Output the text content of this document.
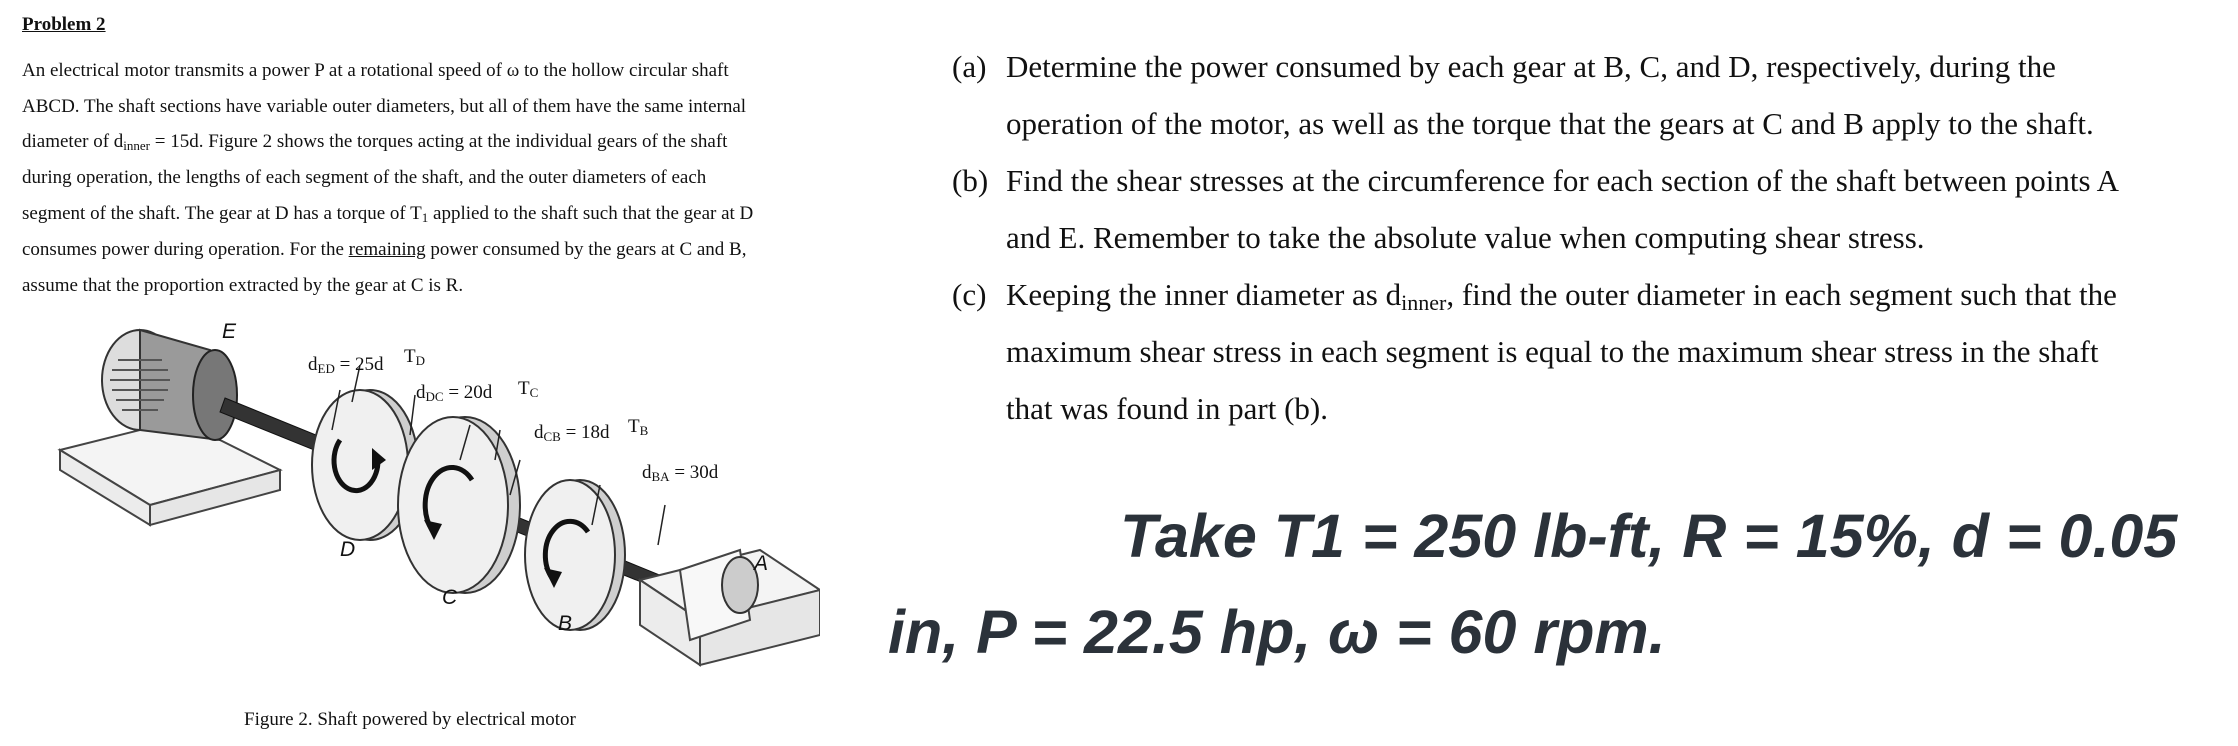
Problem 2

An electrical motor transmits a power P at a rotational speed of ω to the hollow circular shaft

ABCD. The shaft sections have variable outer diameters, but all of them have the same internal

diameter of $d_{inner} = 15d$. Figure 2 shows the torques acting at the individual gears of the shaft

during operation, the lengths of each segment of the shaft, and the outer diameters of each

segment of the shaft. The gear at D has a torque of $T_1$ applied to the shaft such that the gear at D

consumes power during operation. For the remaining power consumed by the gears at C and B,

assume that the proportion extracted by the gear at C is R.

E
D
C
B
A
$d_{ED} = 25d$ $T_D$
$d_{DC} = 20d$ $T_C$
$d_{CB} = 18d$ $T_B$
$d_{BA} = 30d$
Figure 2. Shaft powered by electrical motor
(a) Determine the power consumed by each gear at B, C, and D, respectively, during the

operation of the motor, as well as the torque that the gears at C and B apply to the shaft.

(b) Find the shear stresses at the circumference for each section of the shaft between points A

and E. Remember to take the absolute value when computing shear stress.

(c) Keeping the inner diameter as $d_{inner}$, find the outer diameter in each segment such that the

maximum shear stress in each segment is equal to the maximum shear stress in the shaft

that was found in part (b).

Take T1 = 250 lb-ft, R = 15%, d = 0.05

in, P = 22.5 hp, ω = 60 rpm.
